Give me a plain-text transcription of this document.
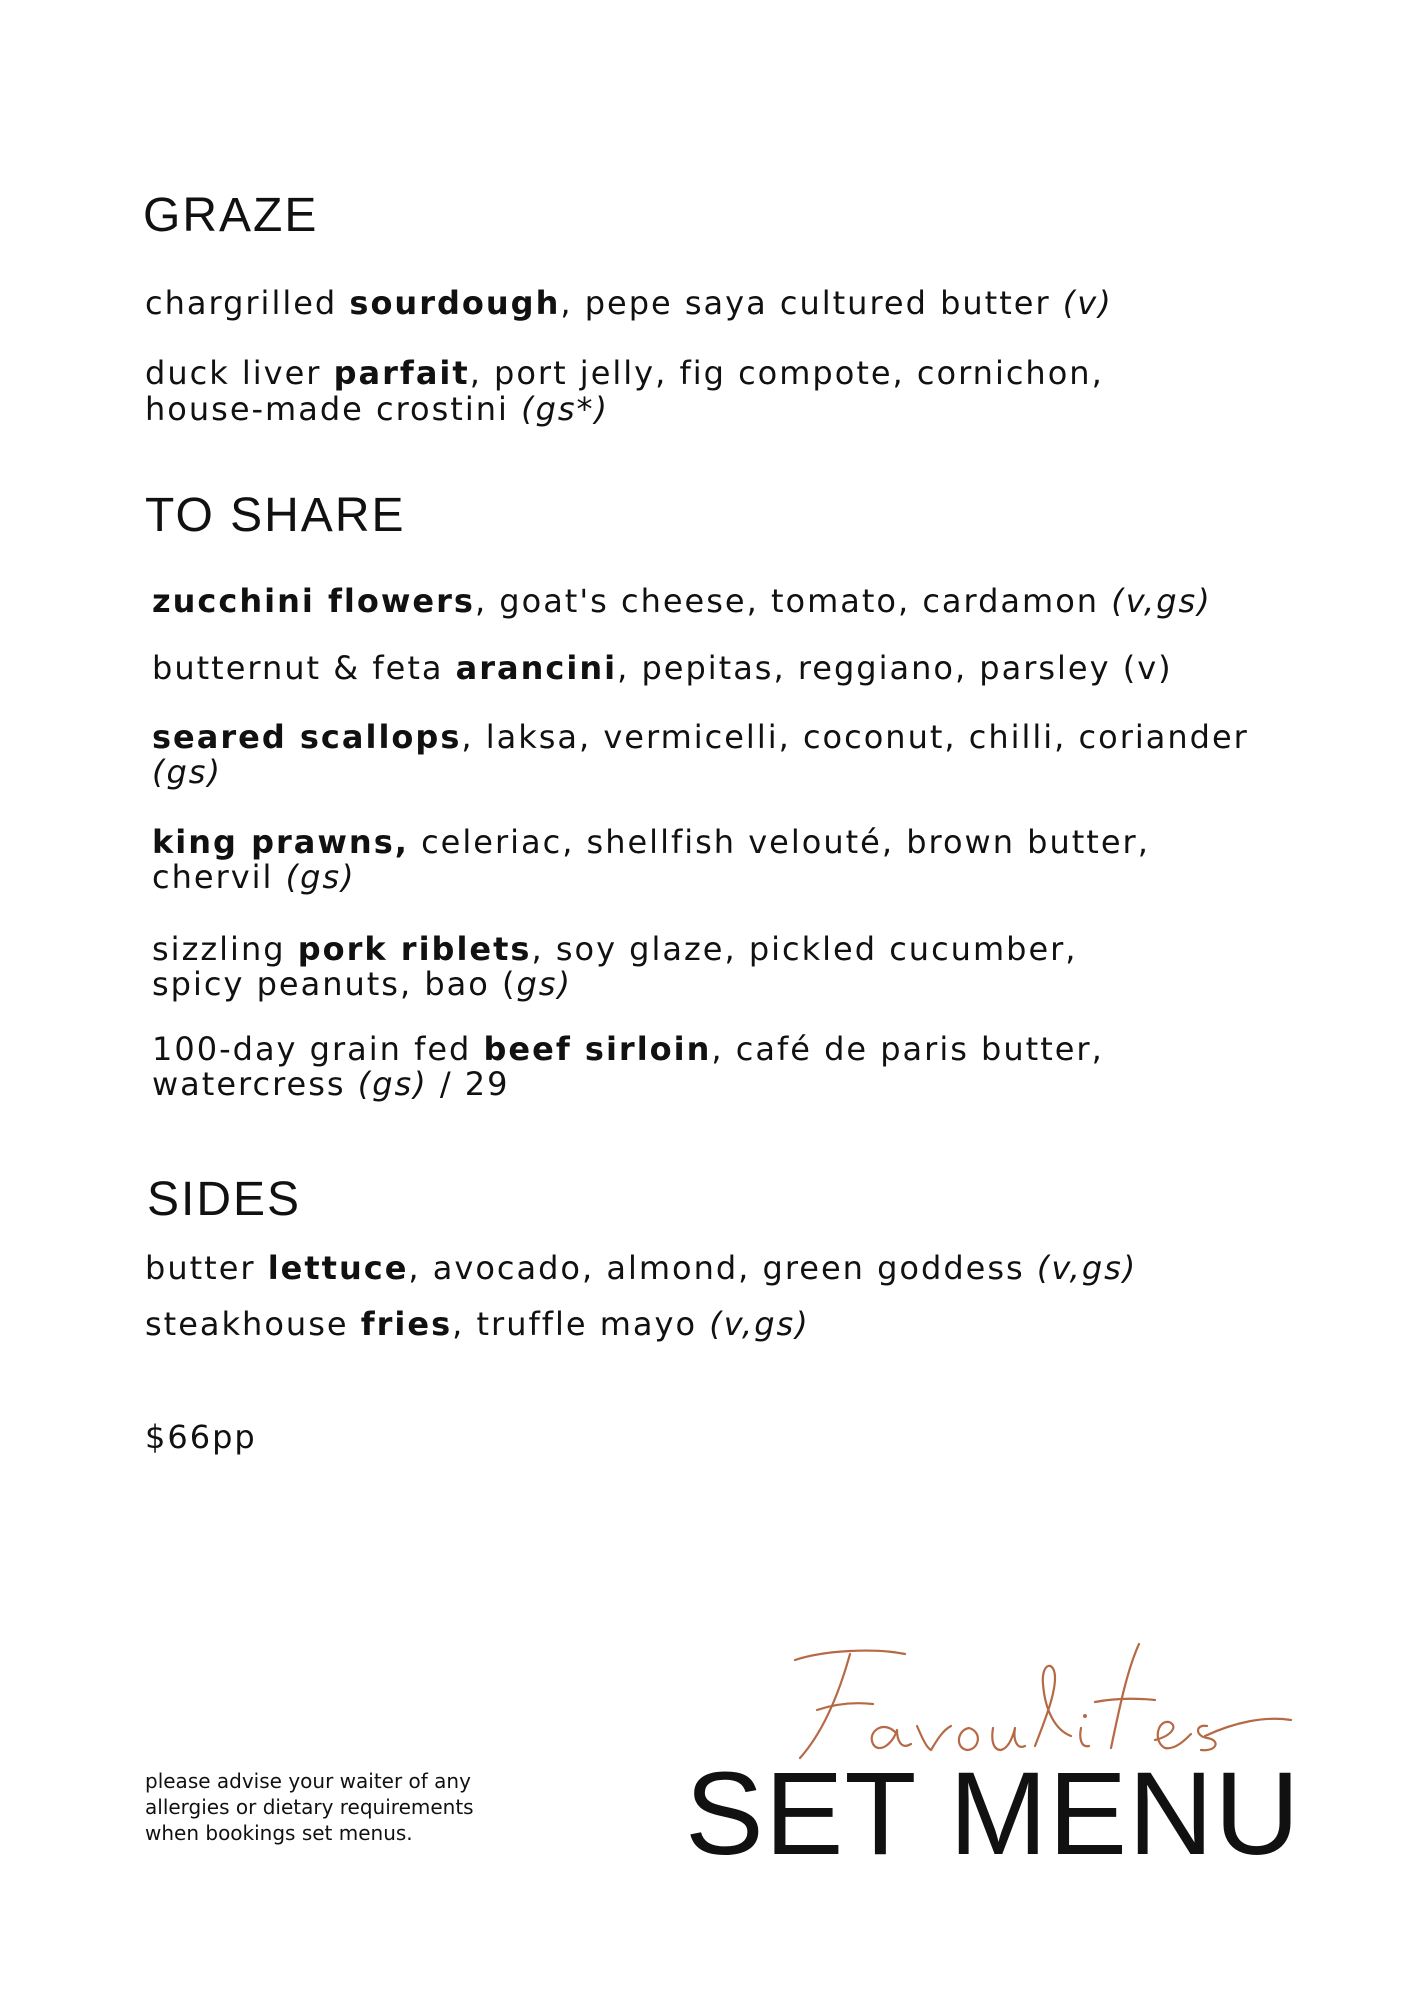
GRAZE

chargrilled sourdough, pepe saya cultured butter (v)

duck liver parfait, port jelly, fig compote, cornichon, house-made crostini (gs*)

TO SHARE

zucchini flowers, goat's cheese, tomato, cardamon (v,gs)

butternut & feta arancini, pepitas, reggiano, parsley (v)

seared scallops, laksa, vermicelli, coconut, chilli, coriander (gs)

king prawns, celeriac, shellfish velouté, brown butter, chervil (gs)

sizzling pork riblets, soy glaze, pickled cucumber, spicy peanuts, bao (gs)

100-day grain fed beef sirloin, café de paris butter, watercress (gs) / 29

SIDES

butter lettuce, avocado, almond, green goddess (v,gs)

steakhouse fries, truffle mayo (v,gs)

$66pp

please advise your waiter of any
allergies or dietary requirements
when bookings set menus.	SET MENU
